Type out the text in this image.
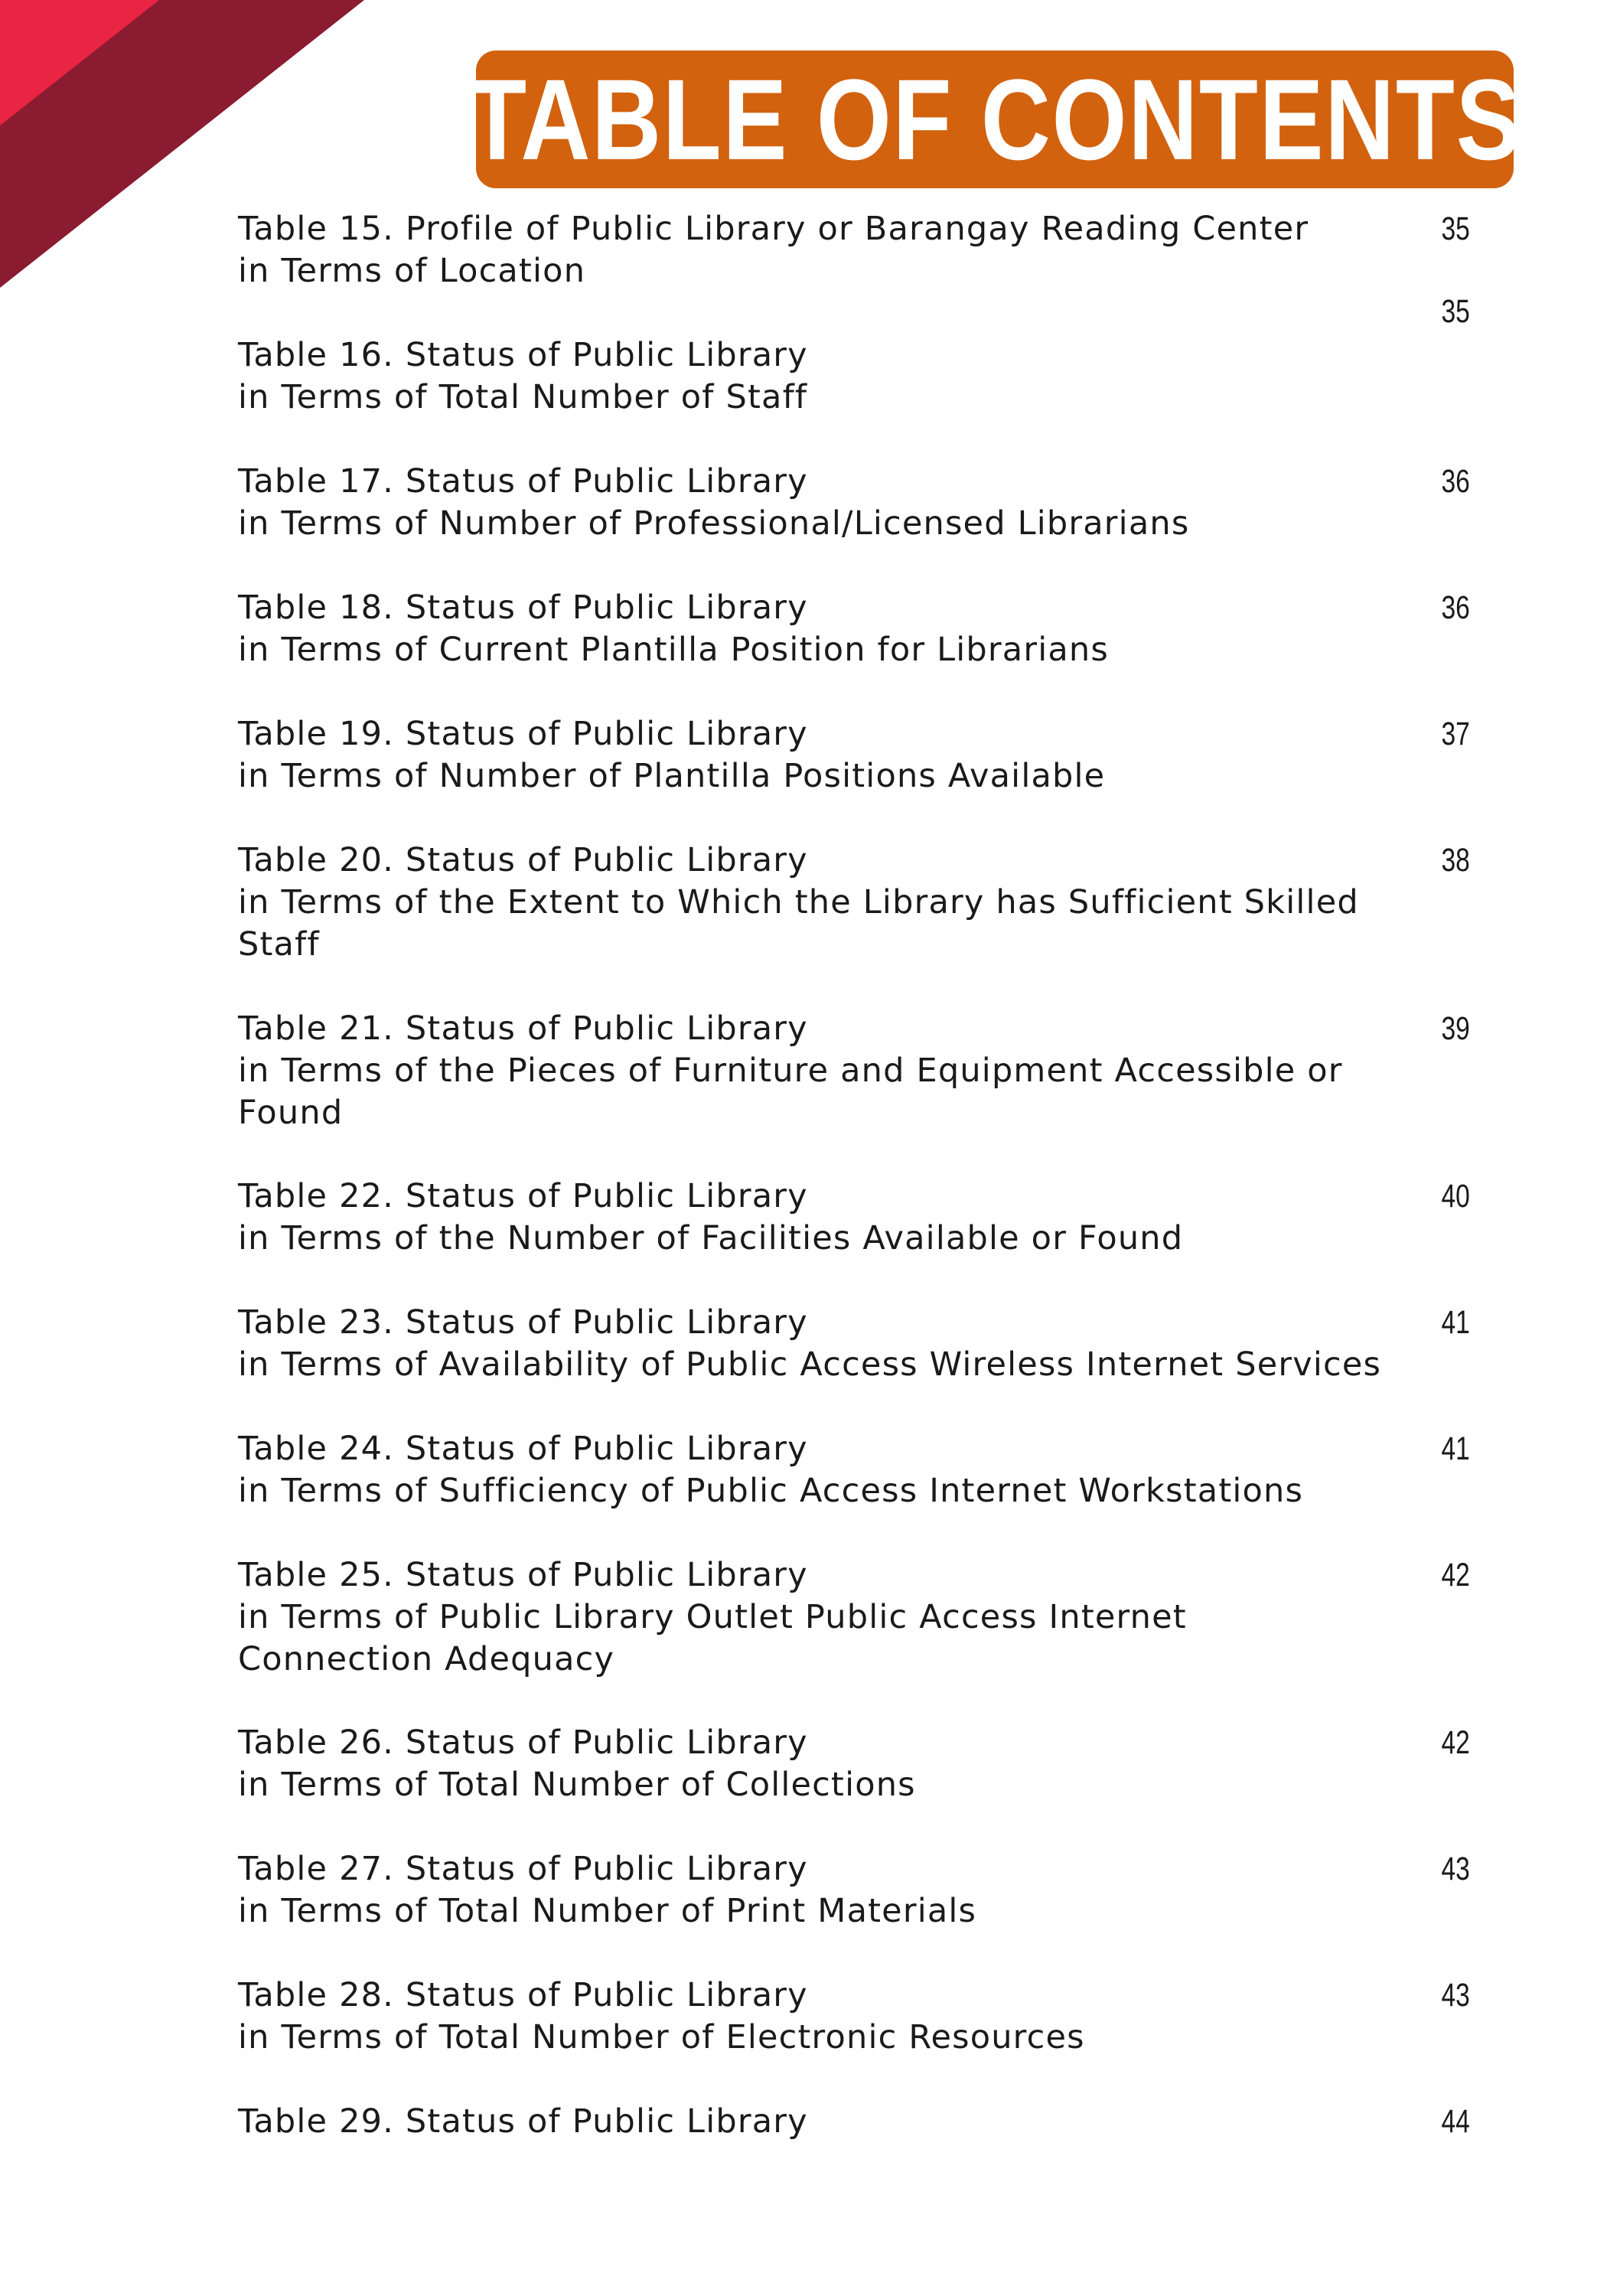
TABLE OF CONTENTS
35
Table 15. Profile of Public Library or Barangay Reading Center
in Terms of Location
35
Table 16. Status of Public Library
in Terms of Total Number of Staff
Table 17. Status of Public Library
in Terms of Number of Professional/Licensed Librarians
36
Table 18. Status of Public Library
in Terms of Current Plantilla Position for Librarians
36
Table 19. Status of Public Library
in Terms of Number of Plantilla Positions Available
37
Table 20. Status of Public Library
in Terms of the Extent to Which the Library has Sufficient Skilled
Staff
38
Table 21. Status of Public Library
in Terms of the Pieces of Furniture and Equipment Accessible or
Found
39
Table 22. Status of Public Library
in Terms of the Number of Facilities Available or Found
40
Table 23. Status of Public Library
in Terms of Availability of Public Access Wireless Internet Services
41
Table 24. Status of Public Library
in Terms of Sufficiency of Public Access Internet Workstations
41
Table 25. Status of Public Library
in Terms of Public Library Outlet Public Access Internet
Connection Adequacy
42
Table 26. Status of Public Library
in Terms of Total Number of Collections
42
Table 27. Status of Public Library
in Terms of Total Number of Print Materials
43
Table 28. Status of Public Library
in Terms of Total Number of Electronic Resources
43
Table 29. Status of Public Library	44
